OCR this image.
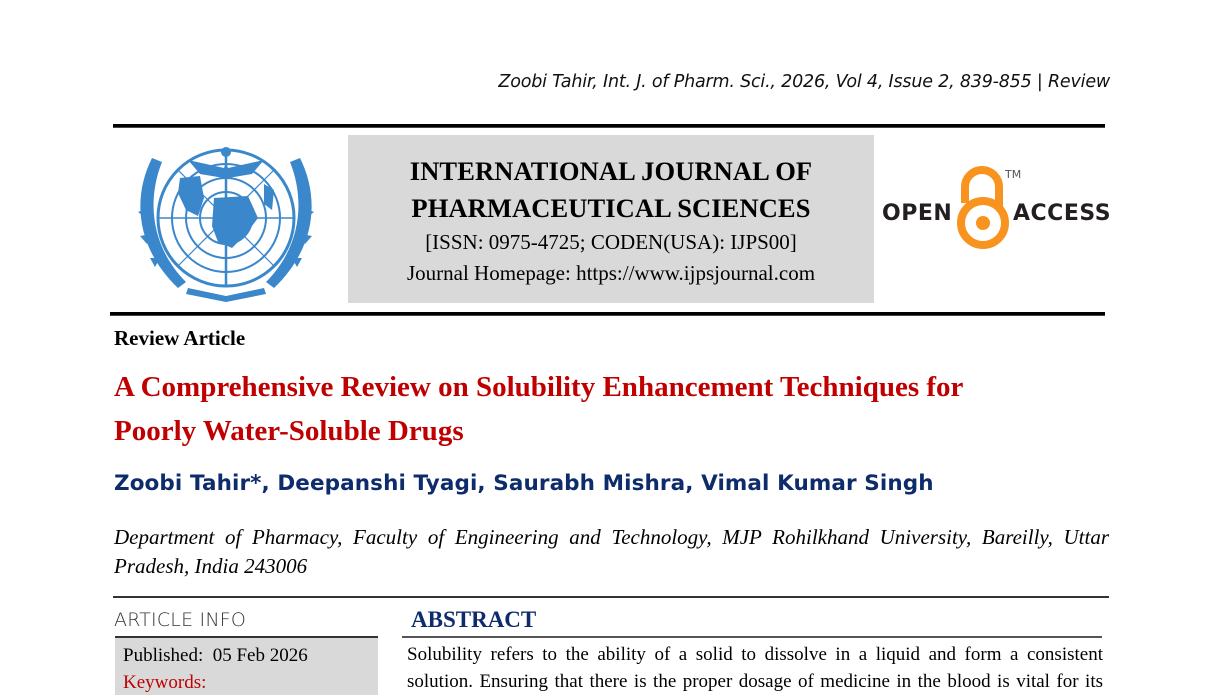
Zoobi Tahir, Int. J. of Pharm. Sci., 2026, Vol 4, Issue 2, 839-855 | Review
INTERNATIONAL JOURNAL OF
PHARMACEUTICAL SCIENCES
[ISSN: 0975-4725; CODEN(USA): IJPS00]
Journal Homepage: https://www.ijpsjournal.com
OPEN
TM
ACCESS
Review Article
A Comprehensive Review on Solubility Enhancement Techniques for
Poorly Water-Soluble Drugs
Zoobi Tahir*, Deepanshi Tyagi, Saurabh Mishra, Vimal Kumar Singh
Department of Pharmacy, Faculty of Engineering and Technology, MJP Rohilkhand University, Bareilly, Uttar Pradesh, India 243006
ARTICLE INFO
Published: 05 Feb 2026
Keywords:
ABSTRACT
Solubility refers to the ability of a solid to dissolve in a liquid and form a consistent
solution. Ensuring that there is the proper dosage of medicine in the blood is vital for its
